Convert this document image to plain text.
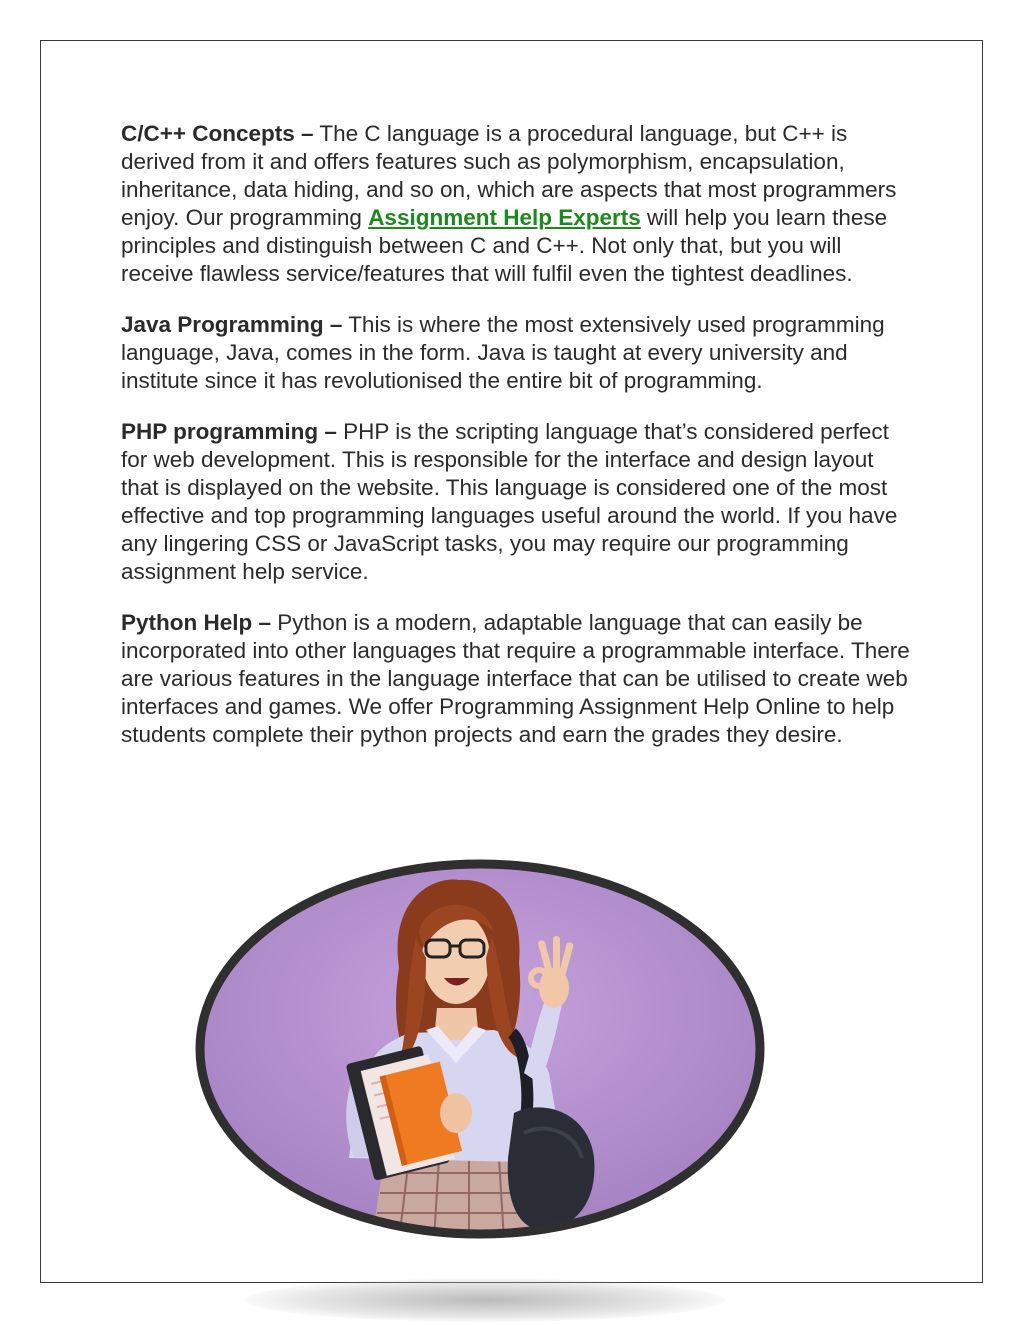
C/C++ Concepts – The C language is a procedural language, but C++ is derived from it and offers features such as polymorphism, encapsulation, inheritance, data hiding, and so on, which are aspects that most programmers enjoy. Our programming Assignment Help Experts will help you learn these principles and distinguish between C and C++. Not only that, but you will receive flawless service/features that will fulfil even the tightest deadlines.

Java Programming – This is where the most extensively used programming language, Java, comes in the form. Java is taught at every university and institute since it has revolutionised the entire bit of programming.

PHP programming – PHP is the scripting language that’s considered perfect for web development. This is responsible for the interface and design layout that is displayed on the website. This language is considered one of the most effective and top programming languages useful around the world. If you have any lingering CSS or JavaScript tasks, you may require our programming assignment help service.

Python Help – Python is a modern, adaptable language that can easily be incorporated into other languages that require a programmable interface. There are various features in the language interface that can be utilised to create web interfaces and games. We offer Programming Assignment Help Online to help students complete their python projects and earn the grades they desire.
